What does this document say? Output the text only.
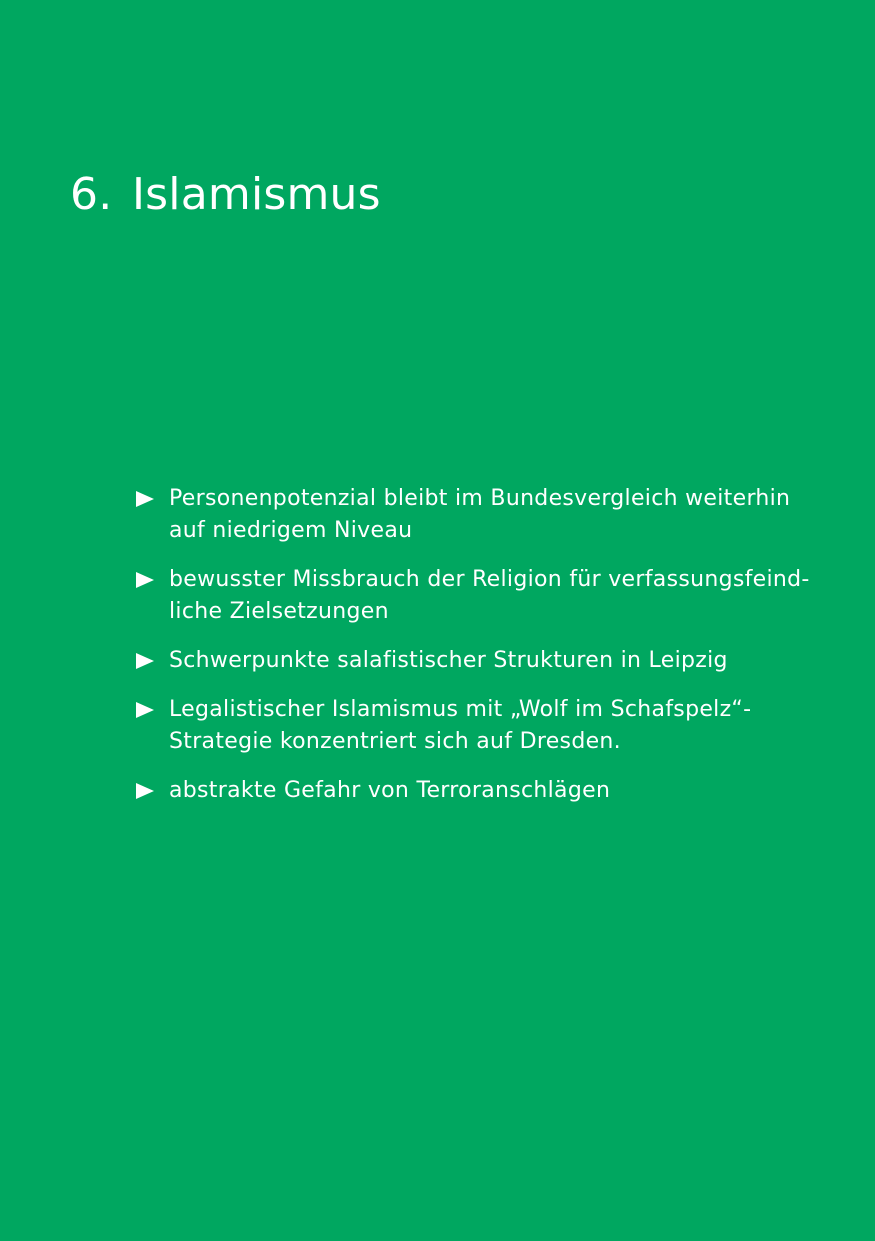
6. Islamismus
Personenpotenzial bleibt im Bundesvergleich weiterhin
auf niedrigem Niveau
bewusster Missbrauch der Religion für verfassungsfeind-
liche Zielsetzungen
Schwerpunkte salafistischer Strukturen in Leipzig
Legalistischer Islamismus mit „Wolf im Schafspelz“-
Strategie konzentriert sich auf Dresden.
abstrakte Gefahr von Terroranschlägen
